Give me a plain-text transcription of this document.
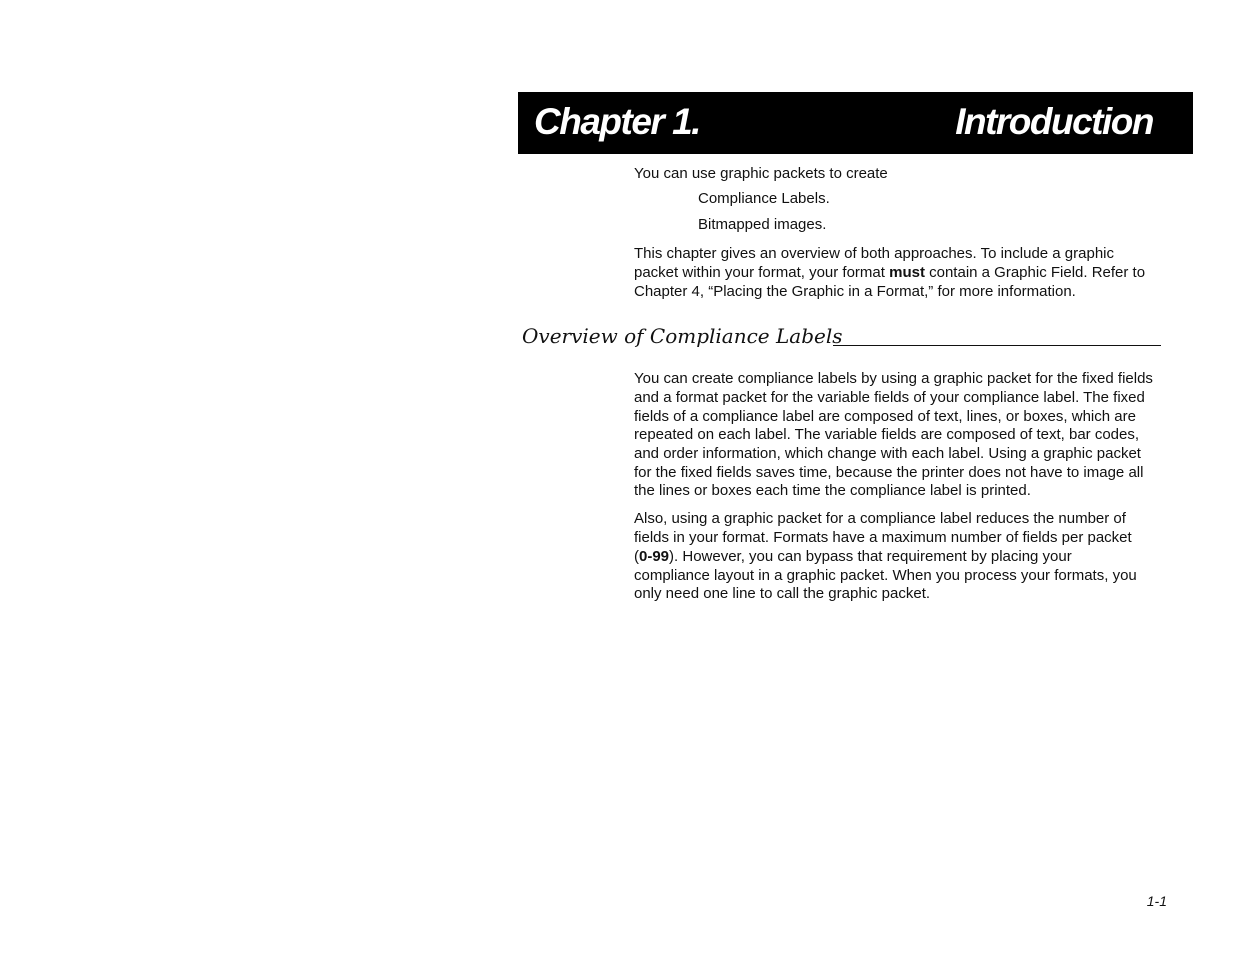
Chapter 1.	Introduction
You can use graphic packets to create
Compliance Labels.
Bitmapped images.
This chapter gives an overview of both approaches. To include a graphic
packet within your format, your format must contain a Graphic Field. Refer to
Chapter 4, “Placing the Graphic in a Format,” for more information.
Overview of Compliance Labels
You can create compliance labels by using a graphic packet for the fixed fields
and a format packet for the variable fields of your compliance label. The fixed
fields of a compliance label are composed of text, lines, or boxes, which are
repeated on each label. The variable fields are composed of text, bar codes,
and order information, which change with each label. Using a graphic packet
for the fixed fields saves time, because the printer does not have to image all
the lines or boxes each time the compliance label is printed.
Also, using a graphic packet for a compliance label reduces the number of
fields in your format. Formats have a maximum number of fields per packet
(0-99). However, you can bypass that requirement by placing your
compliance layout in a graphic packet. When you process your formats, you
only need one line to call the graphic packet.
1-1
